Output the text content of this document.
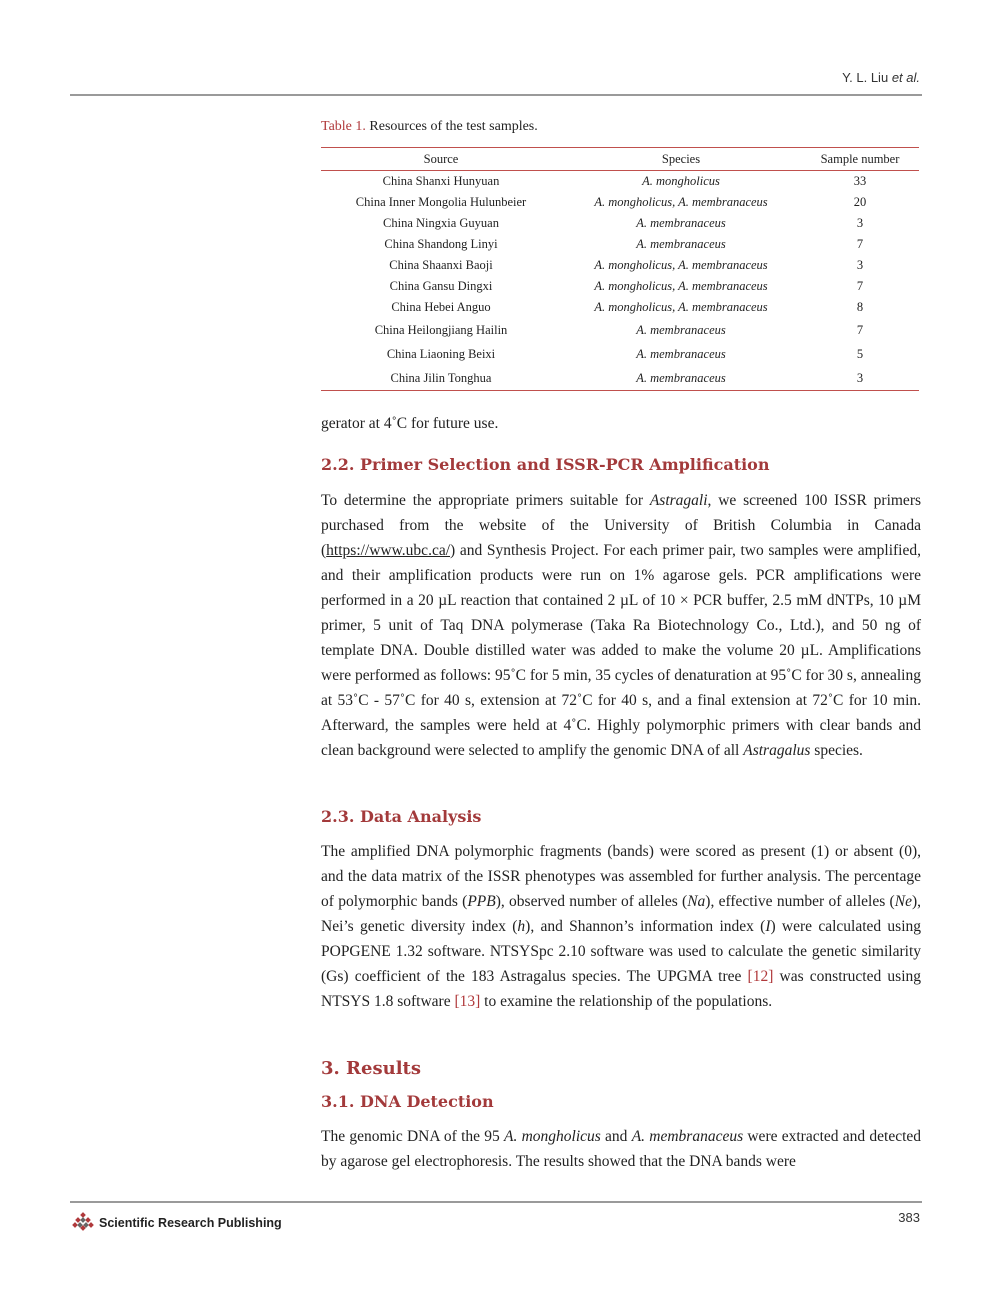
Y. L. Liu et al.
Table 1. Resources of the test samples.
Source	Species	Sample number
China Shanxi Hunyuan	A. mongholicus	33
China Inner Mongolia Hulunbeier	A. mongholicus, A. membranaceus	20
China Ningxia Guyuan	A. membranaceus	3
China Shandong Linyi	A. membranaceus	7
China Shaanxi Baoji	A. mongholicus, A. membranaceus	3
China Gansu Dingxi	A. mongholicus, A. membranaceus	7
China Hebei Anguo	A. mongholicus, A. membranaceus	8
China Heilongjiang Hailin	A. membranaceus	7
China Liaoning Beixi	A. membranaceus	5
China Jilin Tonghua	A. membranaceus	3
gerator at 4˚C for future use.
2.2. Primer Selection and ISSR-PCR Amplification
To determine the appropriate primers suitable for Astragali, we screened 100 ISSR primers purchased from the website of the University of British Columbia in Canada (https://www.ubc.ca/) and Synthesis Project. For each primer pair, two samples were amplified, and their amplification products were run on 1% agarose gels. PCR amplifications were performed in a 20 µL reaction that contained 2 µL of 10 × PCR buffer, 2.5 mM dNTPs, 10 µM primer, 5 unit of Taq DNA polymerase (Taka Ra Biotechnology Co., Ltd.), and 50 ng of template DNA. Double distilled water was added to make the volume 20 µL. Amplifications were performed as follows: 95˚C for 5 min, 35 cycles of denaturation at 95˚C for 30 s, annealing at 53˚C - 57˚C for 40 s, extension at 72˚C for 40 s, and a final extension at 72˚C for 10 min. Afterward, the samples were held at 4˚C. Highly polymorphic primers with clear bands and clean background were selected to amplify the genomic DNA of all Astragalus species.
2.3. Data Analysis
The amplified DNA polymorphic fragments (bands) were scored as present (1) or absent (0), and the data matrix of the ISSR phenotypes was assembled for further analysis. The percentage of polymorphic bands (PPB), observed number of alleles (Na), effective number of alleles (Ne), Nei’s genetic diversity index (h), and Shannon’s information index (I) were calculated using POPGENE 1.32 software. NTSYSpc 2.10 software was used to calculate the genetic similarity (Gs) coefficient of the 183 Astragalus species. The UPGMA tree [12] was constructed using NTSYS 1.8 software [13] to examine the relationship of the populations.
3. Results
3.1. DNA Detection
The genomic DNA of the 95 A. mongholicus and A. membranaceus were extracted and detected by agarose gel electrophoresis. The results showed that the DNA bands were
Scientific Research Publishing	383
